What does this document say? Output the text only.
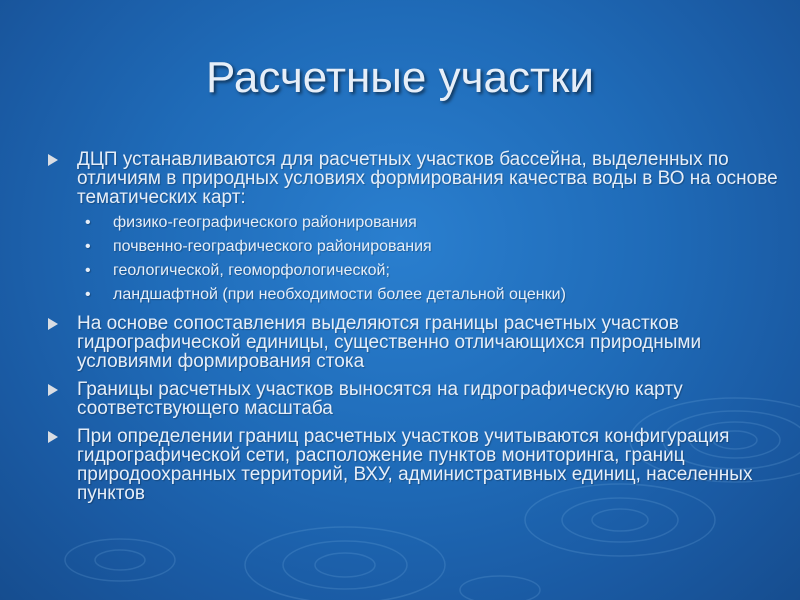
Расчетные участки
ДЦП устанавливаются для расчетных участков бассейна, выделенных по отличиям в природных условиях формирования качества воды в ВО на основе тематических карт:
• физико-географического районирования
• почвенно-географического районирования
• геологической, геоморфологической;
• ландшафтной (при необходимости более детальной оценки)
На основе сопоставления выделяются границы расчетных участков гидрографической единицы, существенно отличающихся природными условиями формирования стока
Границы расчетных участков выносятся на гидрографическую карту соответствующего масштаба
При определении границ расчетных участков учитываются конфигурация гидрографической сети, расположение пунктов мониторинга, границ природоохранных территорий, ВХУ, административных единиц, населенных пунктов
